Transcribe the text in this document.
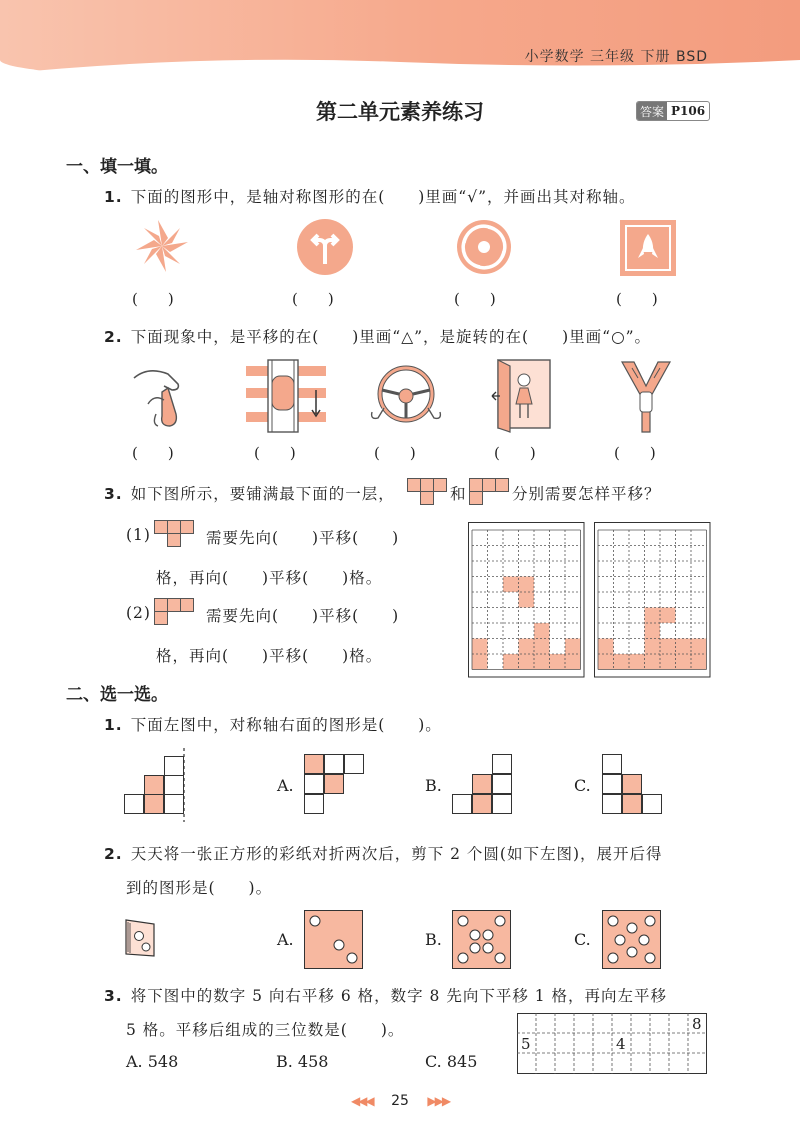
小学数学 三年级 下册 BSD
第二单元素养练习	答案 P106
一、填一填。
1. 下面的图形中，是轴对称图形的在(　　)里画“√”，并画出其对称轴。
(　　)	(　　)	(　　)	(　　)
2. 下面现象中，是平移的在(　　)里画“△”，是旋转的在(　　)里画“○”。
(　　)	(　　)	(　　)	(　　)	(　　)
3. 如下图所示，要铺满最下面的一层，	和	分别需要怎样平移？
(1)	需要先向(　　)平移(　　)
格，再向(　　)平移(　　)格。
(2)	需要先向(　　)平移(　　)
格，再向(　　)平移(　　)格。
二、选一选。
1. 下面左图中，对称轴右面的图形是(　　)。
A.	B.	C.
2. 天天将一张正方形的彩纸对折两次后，剪下 2 个圆(如下左图)，展开后得
到的图形是(　　)。
A.	B.	C.
3. 将下图中的数字 5 向右平移 6 格，数字 8 先向下平移 1 格，再向左平移
5 格。平移后组成的三位数是(　　)。
A. 548	B. 458	C. 845
5	4
8
◀◀◀ 25 ▶▶▶
